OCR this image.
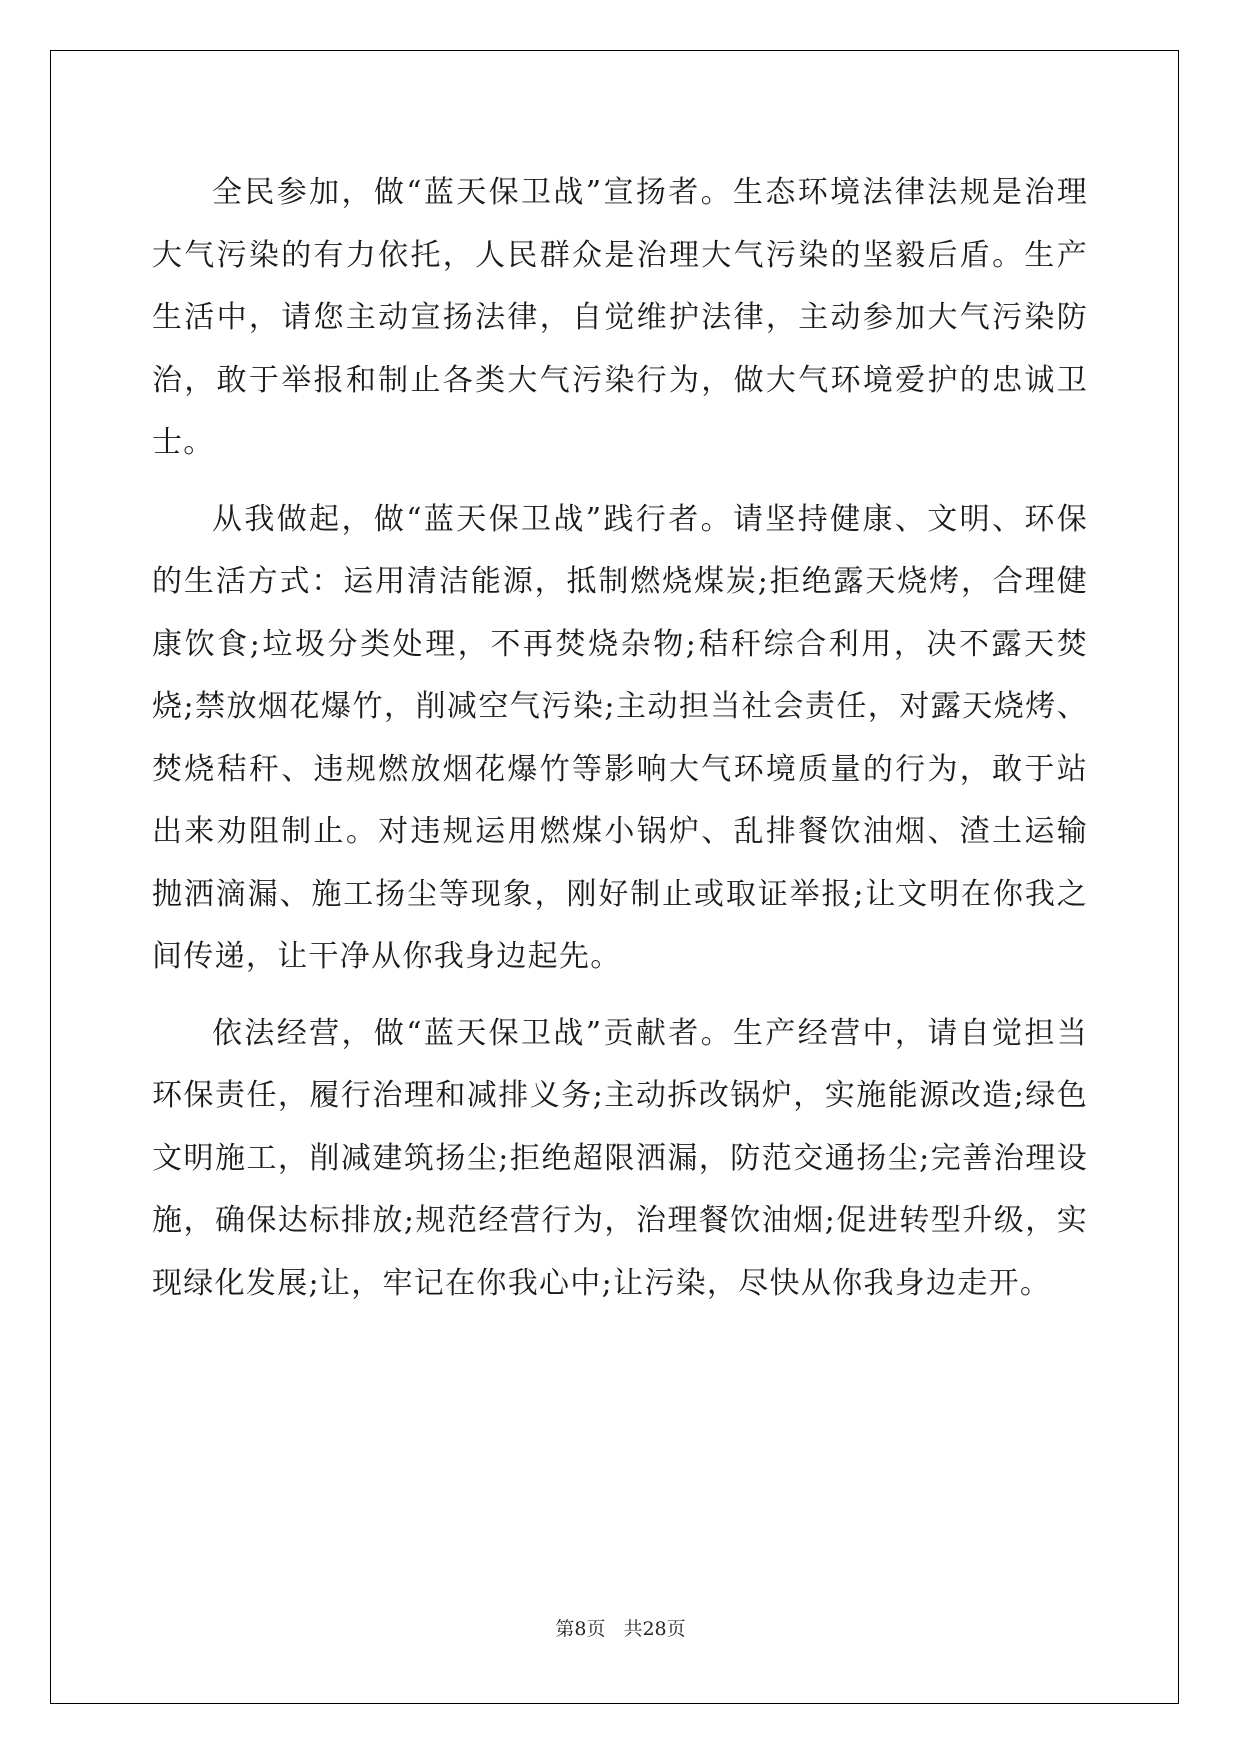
全民参加，做“蓝天保卫战”宣扬者。生态环境法律法规是治理大气污染的有力依托，人民群众是治理大气污染的坚毅后盾。生产生活中，请您主动宣扬法律，自觉维护法律，主动参加大气污染防治，敢于举报和制止各类大气污染行为，做大气环境爱护的忠诚卫士。

从我做起，做“蓝天保卫战”践行者。请坚持健康、文明、环保的生活方式：运用清洁能源，抵制燃烧煤炭;拒绝露天烧烤，合理健康饮食;垃圾分类处理，不再焚烧杂物;秸秆综合利用，决不露天焚烧;禁放烟花爆竹，削减空气污染;主动担当社会责任，对露天烧烤、焚烧秸秆、违规燃放烟花爆竹等影响大气环境质量的行为，敢于站出来劝阻制止。对违规运用燃煤小锅炉、乱排餐饮油烟、渣土运输抛洒滴漏、施工扬尘等现象，刚好制止或取证举报;让文明在你我之间传递，让干净从你我身边起先。

依法经营，做“蓝天保卫战”贡献者。生产经营中，请自觉担当环保责任，履行治理和减排义务;主动拆改锅炉，实施能源改造;绿色文明施工，削减建筑扬尘;拒绝超限洒漏，防范交通扬尘;完善治理设施，确保达标排放;规范经营行为，治理餐饮油烟;促进转型升级，实现绿化发展;让，牢记在你我心中;让污染，尽快从你我身边走开。

第8页 共28页
